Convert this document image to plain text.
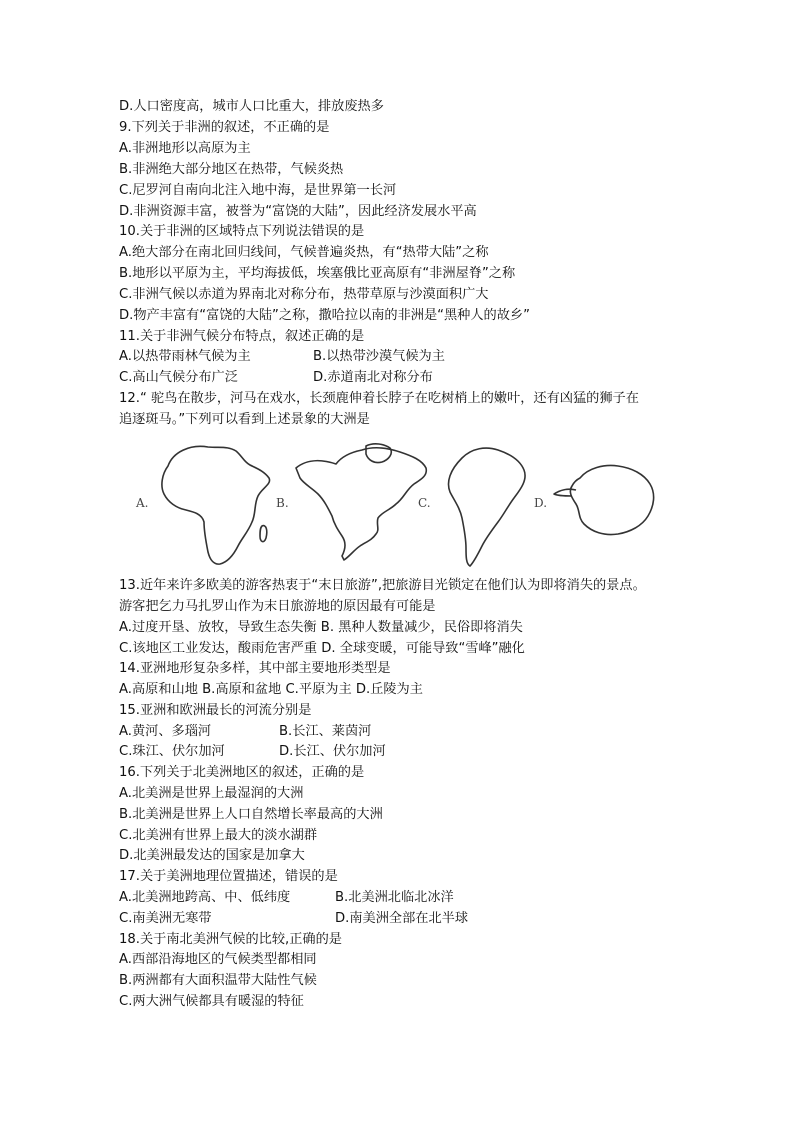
D.人口密度高，城市人口比重大，排放废热多
9.下列关于非洲的叙述，不正确的是
A.非洲地形以高原为主
B.非洲绝大部分地区在热带，气候炎热
C.尼罗河自南向北注入地中海，是世界第一长河
D.非洲资源丰富，被誉为“富饶的大陆”，因此经济发展水平高
10.关于非洲的区域特点下列说法错误的是
A.绝大部分在南北回归线间，气候普遍炎热，有“热带大陆”之称
B.地形以平原为主，平均海拔低，埃塞俄比亚高原有“非洲屋脊”之称
C.非洲气候以赤道为界南北对称分布，热带草原与沙漠面积广大
D.物产丰富有“富饶的大陆”之称，撒哈拉以南的非洲是“黑种人的故乡”
11.关于非洲气候分布特点，叙述正确的是
A.以热带雨林气候为主	B.以热带沙漠气候为主
C.高山气候分布广泛	D.赤道南北对称分布
12.“ 驼鸟在散步，河马在戏水，长颈鹿伸着长脖子在吃树梢上的嫩叶，还有凶猛的狮子在
追逐斑马。”下列可以看到上述景象的大洲是
A.	B.	C.	D.
13.近年来许多欧美的游客热衷于“末日旅游”,把旅游目光锁定在他们认为即将消失的景点。
游客把乞力马扎罗山作为末日旅游地的原因最有可能是
A.过度开垦、放牧，导致生态失衡 B. 黑种人数量减少，民俗即将消失
C.该地区工业发达，酸雨危害严重 D. 全球变暖，可能导致“雪峰”融化
14.亚洲地形复杂多样，其中部主要地形类型是
A.高原和山地 B.高原和盆地 C.平原为主 D.丘陵为主
15.亚洲和欧洲最长的河流分别是
A.黄河、多瑙河	B.长江、莱茵河
C.珠江、伏尔加河	D.长江、伏尔加河
16.下列关于北美洲地区的叙述，正确的是
A.北美洲是世界上最湿润的大洲
B.北美洲是世界上人口自然增长率最高的大洲
C.北美洲有世界上最大的淡水湖群
D.北美洲最发达的国家是加拿大
17.关于美洲地理位置描述，错误的是
A.北美洲地跨高、中、低纬度	B.北美洲北临北冰洋
C.南美洲无寒带	D.南美洲全部在北半球
18.关于南北美洲气候的比较,正确的是
A.西部沿海地区的气候类型都相同
B.两洲都有大面积温带大陆性气候
C.两大洲气候都具有暖湿的特征
